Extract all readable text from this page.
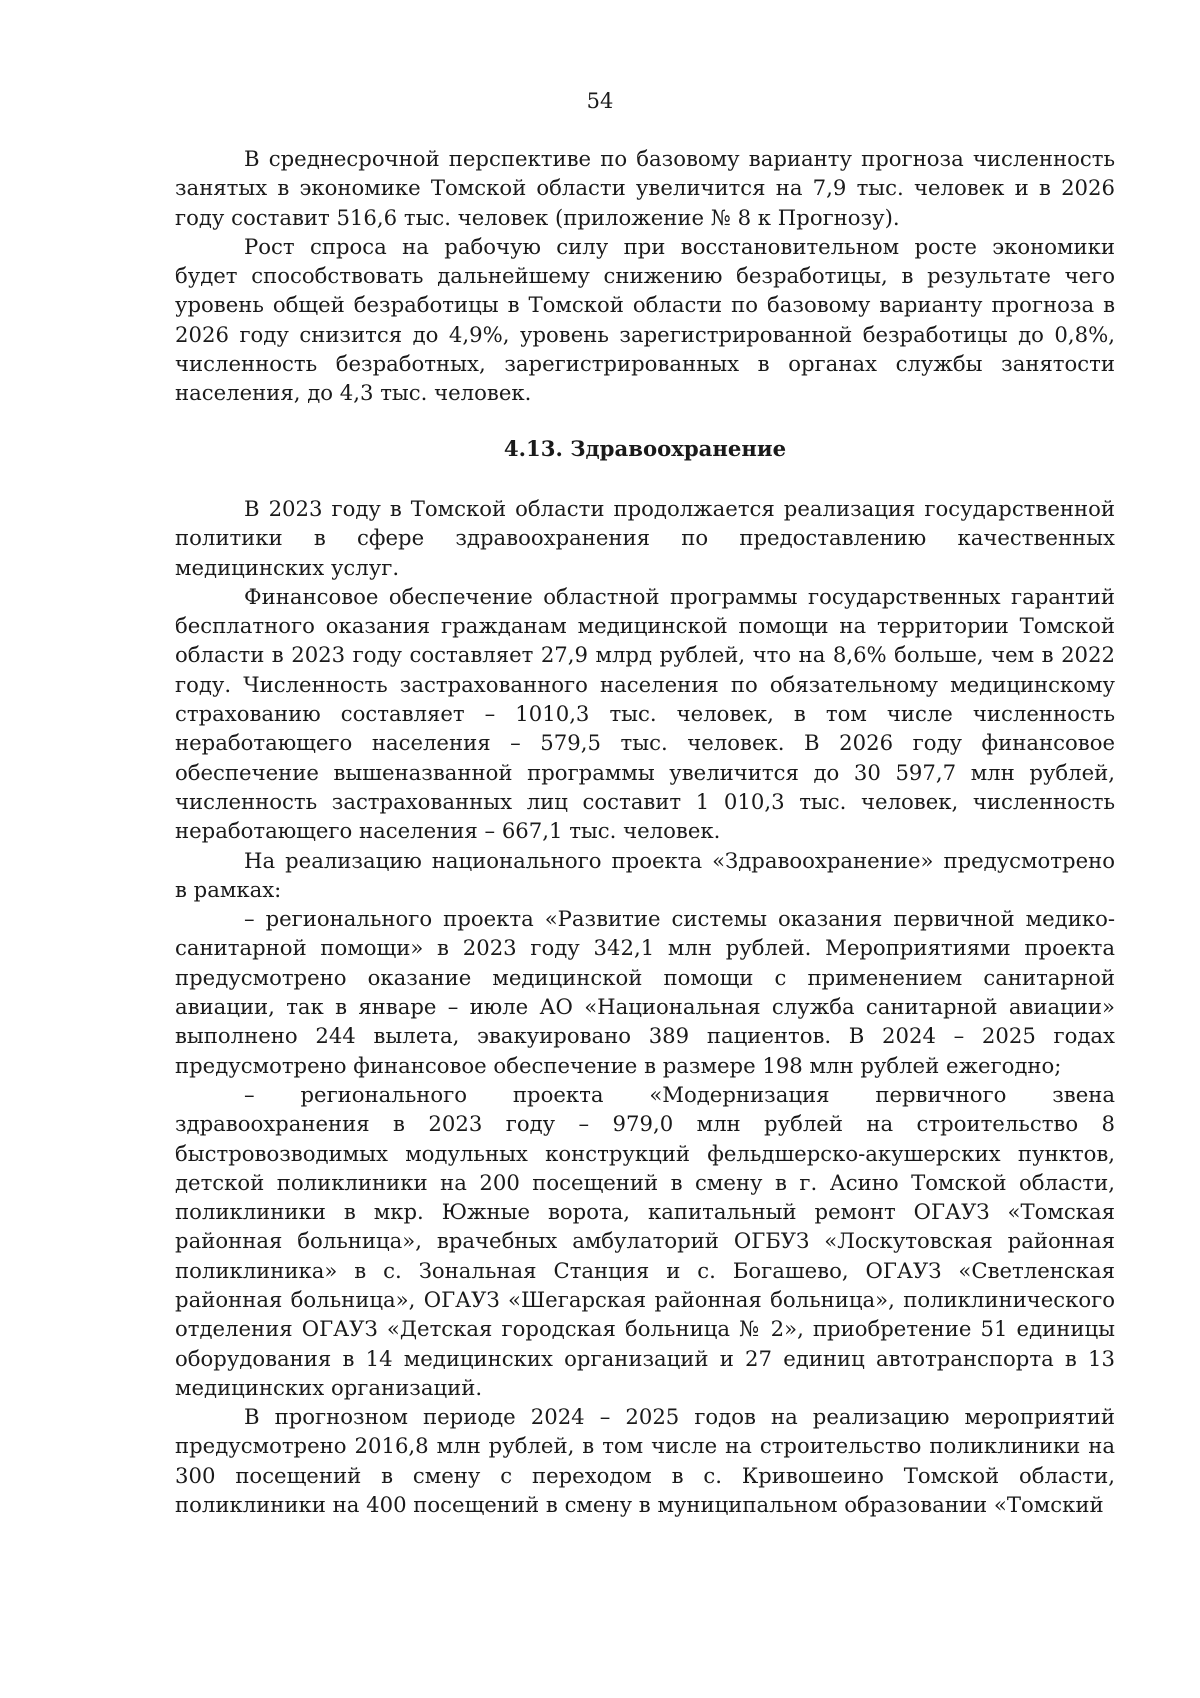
54

В среднесрочной перспективе по базовому варианту прогноза численность занятых в экономике Томской области увеличится на 7,9 тыс. человек и в 2026 году составит 516,6 тыс. человек (приложение № 8 к Прогнозу).

Рост спроса на рабочую силу при восстановительном росте экономики будет способствовать дальнейшему снижению безработицы, в результате чего уровень общей безработицы в Томской области по базовому варианту прогноза в 2026 году снизится до 4,9%, уровень зарегистрированной безработицы до 0,8%, численность безработных, зарегистрированных в органах службы занятости населения, до 4,3 тыс. человек.

4.13. Здравоохранение

В 2023 году в Томской области продолжается реализация государственной политики в сфере здравоохранения по предоставлению качественных медицинских услуг.

Финансовое обеспечение областной программы государственных гарантий бесплатного оказания гражданам медицинской помощи на территории Томской области в 2023 году составляет 27,9 млрд рублей, что на 8,6% больше, чем в 2022 году. Численность застрахованного населения по обязательному медицинскому страхованию составляет – 1010,3 тыс. человек, в том числе численность неработающего населения – 579,5 тыс. человек. В 2026 году финансовое обеспечение вышеназванной программы увеличится до 30 597,7 млн рублей, численность застрахованных лиц составит 1 010,3 тыс. человек, численность неработающего населения – 667,1 тыс. человек.

На реализацию национального проекта «Здравоохранение» предусмотрено в рамках:

– регионального проекта «Развитие системы оказания первичной медико-санитарной помощи» в 2023 году 342,1 млн рублей. Мероприятиями проекта предусмотрено оказание медицинской помощи с применением санитарной авиации, так в январе – июле АО «Национальная служба санитарной авиации» выполнено 244 вылета, эвакуировано 389 пациентов. В 2024 – 2025 годах предусмотрено финансовое обеспечение в размере 198 млн рублей ежегодно;

– регионального проекта «Модернизация первичного звена здравоохранения в 2023 году – 979,0 млн рублей на строительство 8 быстровозводимых модульных конструкций фельдшерско-акушерских пунктов, детской поликлиники на 200 посещений в смену в г. Асино Томской области, поликлиники в мкр. Южные ворота, капитальный ремонт ОГАУЗ «Томская районная больница», врачебных амбулаторий ОГБУЗ «Лоскутовская районная поликлиника» в с. Зональная Станция и с. Богашево, ОГАУЗ «Светленская районная больница», ОГАУЗ «Шегарская районная больница», поликлинического отделения ОГАУЗ «Детская городская больница № 2», приобретение 51 единицы оборудования в 14 медицинских организаций и 27 единиц автотранспорта в 13 медицинских организаций.

В прогнозном периоде 2024 – 2025 годов на реализацию мероприятий предусмотрено 2016,8 млн рублей, в том числе на строительство поликлиники на 300 посещений в смену с переходом в с. Кривошеино Томской области, поликлиники на 400 посещений в смену в муниципальном образовании «Томский
